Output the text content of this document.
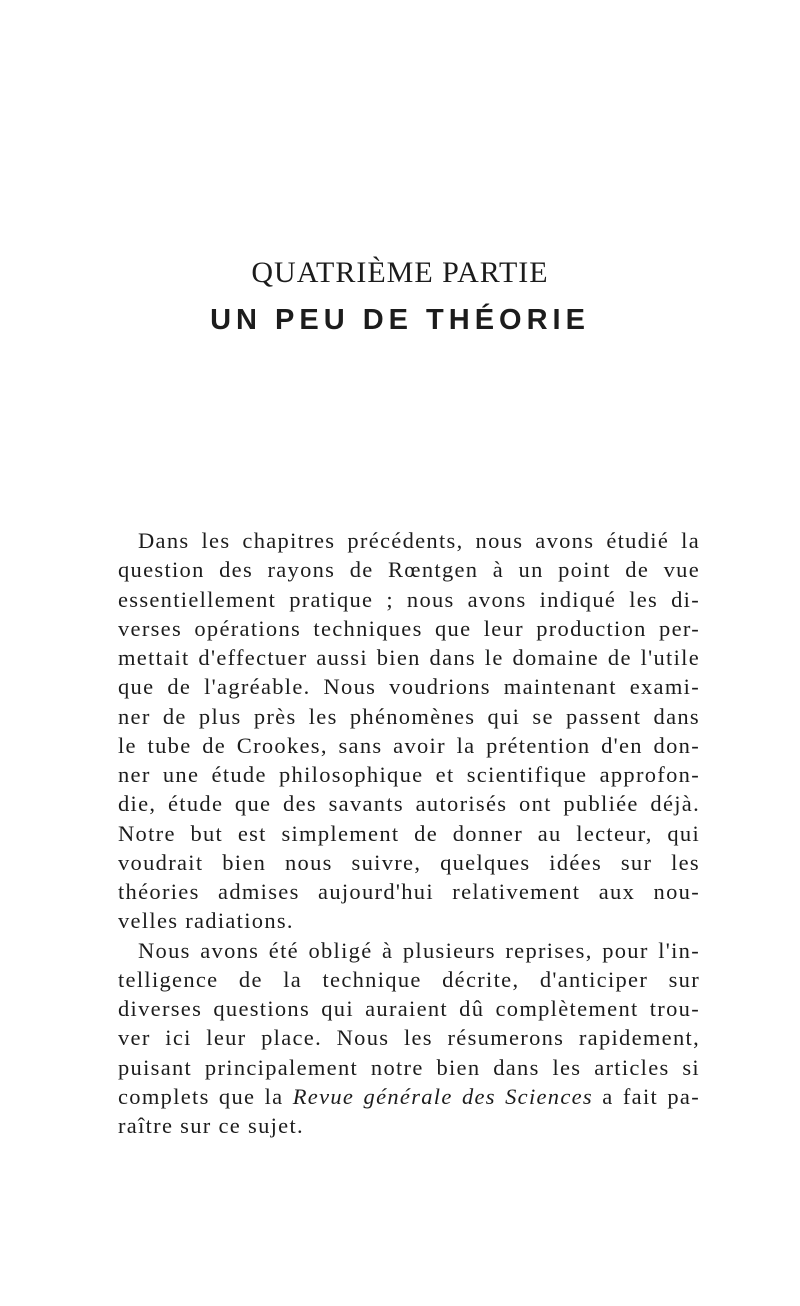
QUATRIÈME PARTIE
UN PEU DE THÉORIE
Dans les chapitres précédents, nous avons étudié la
question des rayons de Rœntgen à un point de vue
essentiellement pratique ; nous avons indiqué les di-
verses opérations techniques que leur production per-
mettait d'effectuer aussi bien dans le domaine de l'utile
que de l'agréable. Nous voudrions maintenant exami-
ner de plus près les phénomènes qui se passent dans
le tube de Crookes, sans avoir la prétention d'en don-
ner une étude philosophique et scientifique approfon-
die, étude que des savants autorisés ont publiée déjà.
Notre but est simplement de donner au lecteur, qui
voudrait bien nous suivre, quelques idées sur les
théories admises aujourd'hui relativement aux nou-
velles radiations.
Nous avons été obligé à plusieurs reprises, pour l'in-
telligence de la technique décrite, d'anticiper sur
diverses questions qui auraient dû complètement trou-
ver ici leur place. Nous les résumerons rapidement,
puisant principalement notre bien dans les articles si
complets que la Revue générale des Sciences a fait pa-
raître sur ce sujet.
